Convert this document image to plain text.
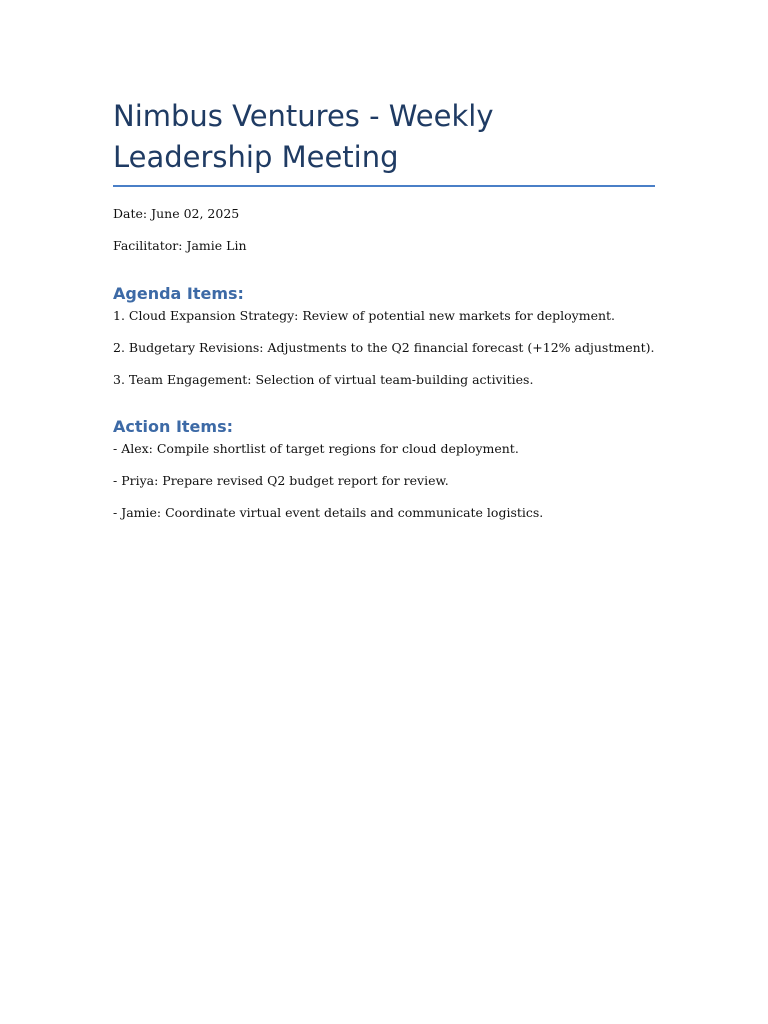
Nimbus Ventures - Weekly Leadership Meeting

Date: June 02, 2025

Facilitator: Jamie Lin

Agenda Items:

1. Cloud Expansion Strategy: Review of potential new markets for deployment.

2. Budgetary Revisions: Adjustments to the Q2 financial forecast (+12% adjustment).

3. Team Engagement: Selection of virtual team-building activities.

Action Items:

- Alex: Compile shortlist of target regions for cloud deployment.

- Priya: Prepare revised Q2 budget report for review.

- Jamie: Coordinate virtual event details and communicate logistics.
